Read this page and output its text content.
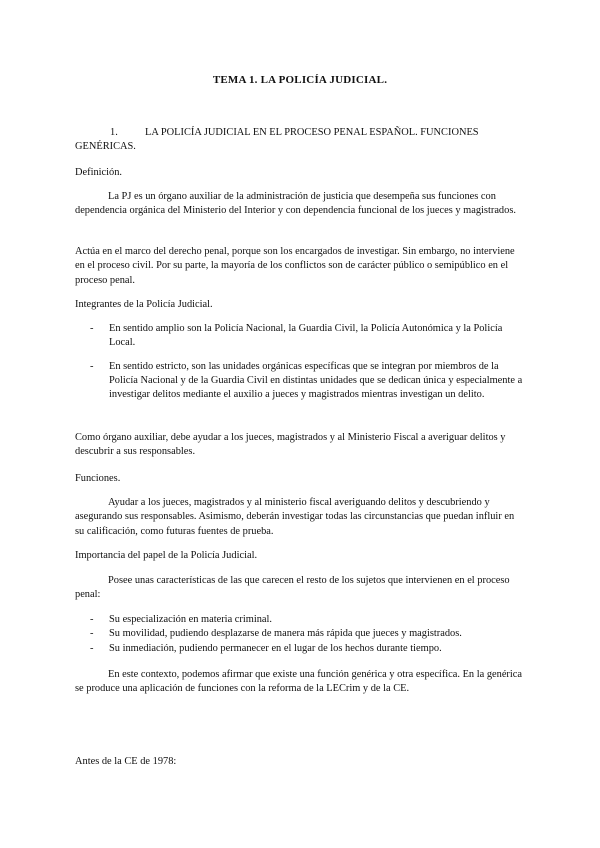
TEMA 1. LA POLICÍA JUDICIAL.
1.	LA POLICÍA JUDICIAL EN EL PROCESO PENAL ESPAÑOL. FUNCIONES GENÉRICAS.
Definición.
La PJ es un órgano auxiliar de la administración de justicia que desempeña sus funciones con dependencia orgánica del Ministerio del Interior y con dependencia funcional de los jueces y magistrados.
Actúa en el marco del derecho penal, porque son los encargados de investigar. Sin embargo, no interviene en el proceso civil. Por su parte, la mayoría de los conflictos son de carácter público o semipúblico en el proceso penal.
Integrantes de la Policía Judicial.
- En sentido amplio son la Policía Nacional, la Guardia Civil, la Policía Autonómica y la Policía Local.
- En sentido estricto, son las unidades orgánicas específicas que se integran por miembros de la Policía Nacional y de la Guardia Civil en distintas unidades que se dedican única y especialmente a investigar delitos mediante el auxilio a jueces y magistrados mientras investigan un delito.
Como órgano auxiliar, debe ayudar a los jueces, magistrados y al Ministerio Fiscal a averiguar delitos y descubrir a sus responsables.
Funciones.
Ayudar a los jueces, magistrados y al ministerio fiscal averiguando delitos y descubriendo y asegurando sus responsables. Asimismo, deberán investigar todas las circunstancias que puedan influir en su calificación, como futuras fuentes de prueba.
Importancia del papel de la Policía Judicial.
Posee unas características de las que carecen el resto de los sujetos que intervienen en el proceso penal:
- Su especialización en materia criminal.
- Su movilidad, pudiendo desplazarse de manera más rápida que jueces y magistrados.
- Su inmediación, pudiendo permanecer en el lugar de los hechos durante tiempo.
En este contexto, podemos afirmar que existe una función genérica y otra específica. En la genérica se produce una aplicación de funciones con la reforma de la LECrim y de la CE.
Antes de la CE de 1978:
